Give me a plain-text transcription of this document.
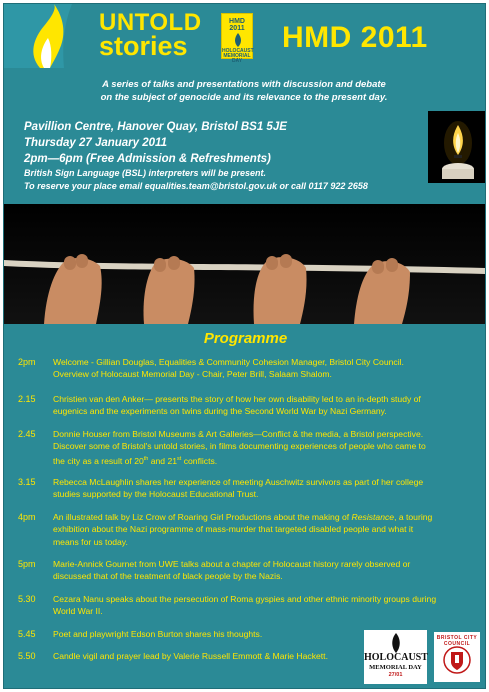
UNTOLD
stories
HMD
2011
HOLOCAUST MEMORIAL DAY
HMD 2011
A series of talks and presentations with discussion and debate
on the subject of genocide and its relevance to the present day.
Pavillion Centre, Hanover Quay, Bristol BS1 5JE
Thursday 27 January 2011
2pm—6pm (Free Admission & Refreshments)
British Sign Language (BSL) interpreters will be present.
To reserve your place email equalities.team@bristol.gov.uk or call 0117 922 2658
Programme
2pm Welcome - Gillian Douglas, Equalities & Community Cohesion Manager, Bristol City Council.
Overview of Holocaust Memorial Day - Chair, Peter Brill, Salaam Shalom.
2.15 Christien van den Anker— presents the story of how her own disability led to an in-depth study of
eugenics and the experiments on twins during the Second World War by Nazi Germany.
2.45 Donnie Houser from Bristol Museums & Art Galleries—Conflict & the media, a Bristol perspective.
Discover some of Bristol's untold stories, in films documenting experiences of people who came to
the city as a result of 20th and 21st conflicts.
3.15 Rebecca McLaughlin shares her experience of meeting Auschwitz survivors as part of her college
studies supported by the Holocaust Educational Trust.
4pm An illustrated talk by Liz Crow of Roaring Girl Productions about the making of Resistance, a touring
exhibition about the Nazi programme of mass-murder that targeted disabled people and what it
means for us today.
5pm Marie-Annick Gournet from UWE talks about a chapter of Holocaust history rarely observed or
discussed that of the treatment of black people by the Nazis.
5.30 Cezara Nanu speaks about the persecution of Roma gyspies and other ethnic minority groups during
World War II.
5.45 Poet and playwright Edson Burton shares his thoughts.
5.50 Candle vigil and prayer lead by Valerie Russell Emmott & Marie Hackett.	HOLOCAUST
MEMORIAL DAY
27/01
BRISTOL CITY COUNCIL
